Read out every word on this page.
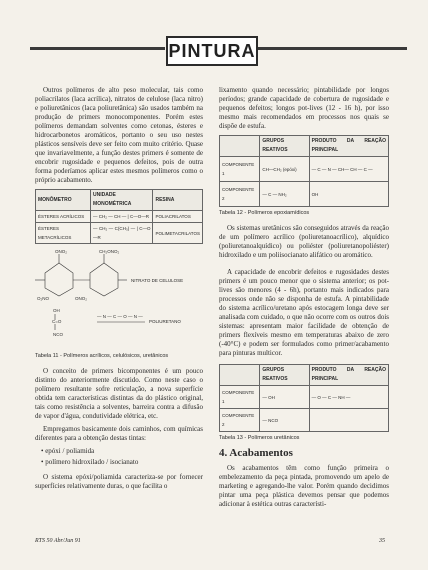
PINTURA

Outros polímeros de alto peso molecular, tais como poliacrilatos (laca acrílica), nitratos de celulose (laca nitro) e poliuretânicos (laca poliuretânica) são usados também na produção de primers monocomponentes. Porém estes polímeros demandam solventes como cetonas, ésteres e hidrocarbonetos aromáticos, portanto o seu uso nestes plásticos sensíveis deve ser feito com muito critério. Quase que invariavelmente, a função destes primers é somente de encobrir rugosidade e pequenos defeitos, pois de outra forma poderíamos aplicar estes mesmos polímeros como o próprio acabamento.

MONÔMETRO	UNIDADE MONOMÉTRICA	RESINA
ÉSTERES ACRÍLICOS	— CH₂ — CH — | C—O—R	POLIACRILATOS
ÉSTERES METACRÍLICOS	— CH₂ — C(CH₃) — | C—O—R	POLIMETACRILATOS
ONO₂	CH₂ONO₂
O₂NO	ONO₂
OH
C=O
NCO
— N — C — O — N —
NITRATO DE CELULOSE
POLIURETANO
Tabela 11 - Polímeros acrílicos, celulósicos, uretânicos

O conceito de primers bicomponentes é um pouco distinto do anteriormente discutido. Como neste caso o polímero resultante sofre reticulação, a nova superfície obtida tem características distintas da do plástico original, tais como resistência a solventes, barreira contra a difusão de vapor d'água, condutividade elétrica, etc.

Empregamos basicamente dois caminhos, com químicas diferentes para a obtenção destas tintas:

• epóxi / poliamida
• polímero hidroxilado / isocianato

O sistema epóxi/poliamida caracteriza-se por fornecer superfícies relativamente duras, o que facilita o

lixamento quando necessário; pintabilidade por longos períodos; grande capacidade de cobertura de rugosidade e pequenos defeitos; longos pot-lives (12 - 16 h), por isso mesmo mais recomendados em processos nos quais se dispõe de estufa.

	GRUPOS REATIVOS	PRODUTO DA REAÇÃO PRINCIPAL
COMPONENTE 1	CH—CH₂ (epóxi)	— C — N — CH— CH — C —
COMPONENTE 2	— C — NH₂	OH
Tabela 12 - Polímeros epoxiamídicos

Os sistemas uretânicos são conseguidos através da reação de um polímero acrílico (poliuretanoacrílico), alquídico (poliuretanoalquídico) ou poliéster (poliuretanopoliéster) hidroxilado e um poliisocianato alifático ou aromático.

A capacidade de encobrir defeitos e rugosidades destes primers é um pouco menor que o sistema anterior; os pot-lives são menores (4 - 6h), portanto mais indicados para processos onde não se disponha de estufa. A pintabilidade do sistema acrílico/uretano após estocagem longa deve ser analisada com cuidado, o que não ocorre com os outros dois sistemas: apresentam maior facilidade de obtenção de primers flexíveis mesmo em temperaturas abaixo de zero (-40°C) e podem ser formulados como primer/acabamento para pinturas multicor.

	GRUPOS REATIVOS	PRODUTO DA REAÇÃO PRINCIPAL
COMPONENTE 1	— OH	— O — C — NH —
COMPONENTE 2	— NCO	
Tabela 13 - Polímeros uretânicos
4. Acabamentos

Os acabamentos têm como função primeira o embelezamento da peça pintada, promovendo um apelo de marketing e agregando-lhe valor. Porém quando decidimos pintar uma peça plástica devemos pensar que podemos adicionar à estética outras característi-

RTS 50 Abr/Jun 91	35
